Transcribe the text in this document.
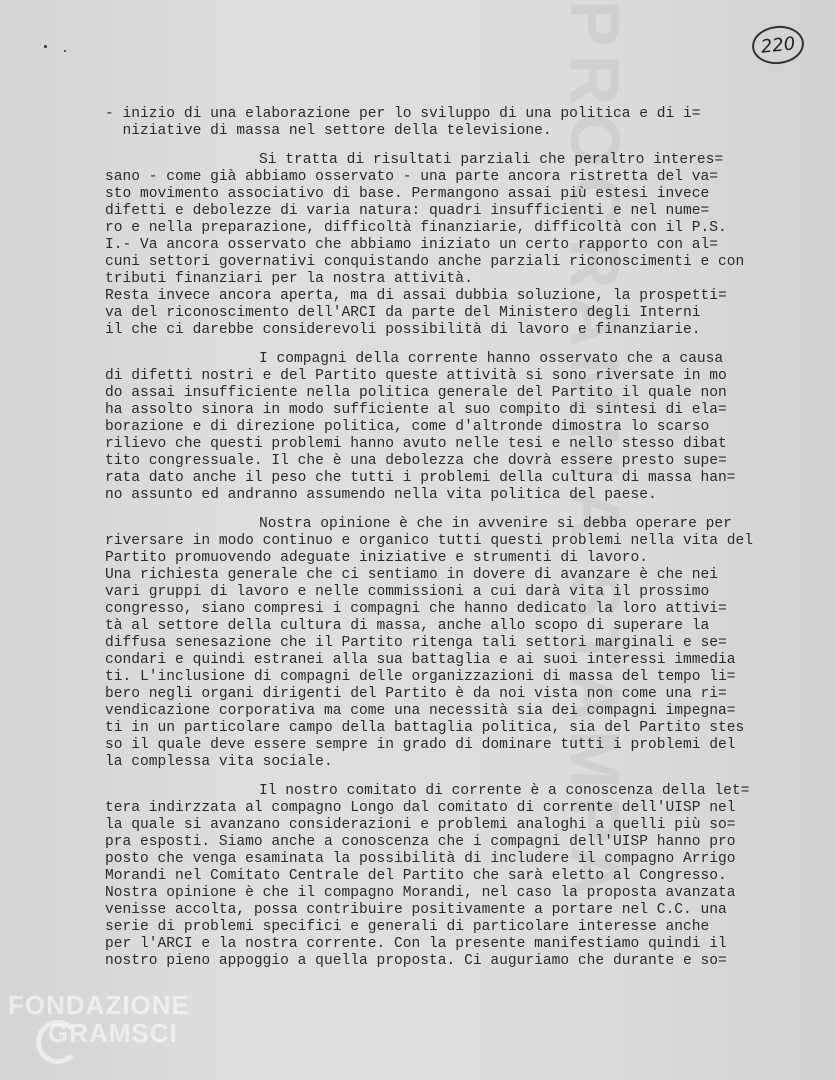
PROGRAMMA STAMPA	220
- inizio di una elaborazione per lo sviluppo di una politica e di i=
niziative di massa nel settore della televisione.
Si tratta di risultati parziali che peraltro interes=
sano - come già abbiamo osservato - una parte ancora ristretta del va=
sto movimento associativo di base. Permangono assai più estesi invece
difetti e debolezze di varia natura: quadri insufficienti e nel nume=
ro e nella preparazione, difficoltà finanziarie, difficoltà con il P.S.
I.- Va ancora osservato che abbiamo iniziato un certo rapporto con al=
cuni settori governativi conquistando anche parziali riconoscimenti e con
tributi finanziari per la nostra attività.
Resta invece ancora aperta, ma di assai dubbia soluzione, la prospetti=
va del riconoscimento dell'ARCI da parte del Ministero degli Interni
il che ci darebbe considerevoli possibilità di lavoro e finanziarie.
I compagni della corrente hanno osservato che a causa
di difetti nostri e del Partito queste attività si sono riversate in mo
do assai insufficiente nella politica generale del Partito il quale non
ha assolto sinora in modo sufficiente al suo compito di sintesi di ela=
borazione e di direzione politica, come d'altronde dimostra lo scarso
rilievo che questi problemi hanno avuto nelle tesi e nello stesso dibat
tito congressuale. Il che è una debolezza che dovrà essere presto supe=
rata dato anche il peso che tutti i problemi della cultura di massa han=
no assunto ed andranno assumendo nella vita politica del paese.
Nostra opinione è che in avvenire si debba operare per
riversare in modo continuo e organico tutti questi problemi nella vita del
Partito promuovendo adeguate iniziative e strumenti di lavoro.
Una richiesta generale che ci sentiamo in dovere di avanzare è che nei
vari gruppi di lavoro e nelle commissioni a cui darà vita il prossimo
congresso, siano compresi i compagni che hanno dedicato la loro attivi=
tà al settore della cultura di massa, anche allo scopo di superare la
diffusa senesazione che il Partito ritenga tali settori marginali e se=
condari e quindi estranei alla sua battaglia e ai suoi interessi immedia
ti. L'inclusione di compagni delle organizzazioni di massa del tempo li=
bero negli organi dirigenti del Partito è da noi vista non come una ri=
vendicazione corporativa ma come una necessità sia dei compagni impegna=
ti in un particolare campo della battaglia politica, sia del Partito stes
so il quale deve essere sempre in grado di dominare tutti i problemi del
la complessa vita sociale.
Il nostro comitato di corrente è a conoscenza della let=
tera indirzzata al compagno Longo dal comitato di corrente dell'UISP nel
la quale si avanzano considerazioni e problemi analoghi a quelli più so=
pra esposti. Siamo anche a conoscenza che i compagni dell'UISP hanno pro
posto che venga esaminata la possibilità di includere il compagno Arrigo
Morandi nel Comitato Centrale del Partito che sarà eletto al Congresso.
Nostra opinione è che il compagno Morandi, nel caso la proposta avanzata
venisse accolta, possa contribuire positivamente a portare nel C.C. una
serie di problemi specifici e generali di particolare interesse anche
per l'ARCI e la nostra corrente. Con la presente manifestiamo quindi il
nostro pieno appoggio a quella proposta. Ci auguriamo che durante e so=
FONDAZIONE
GRAMSCI
